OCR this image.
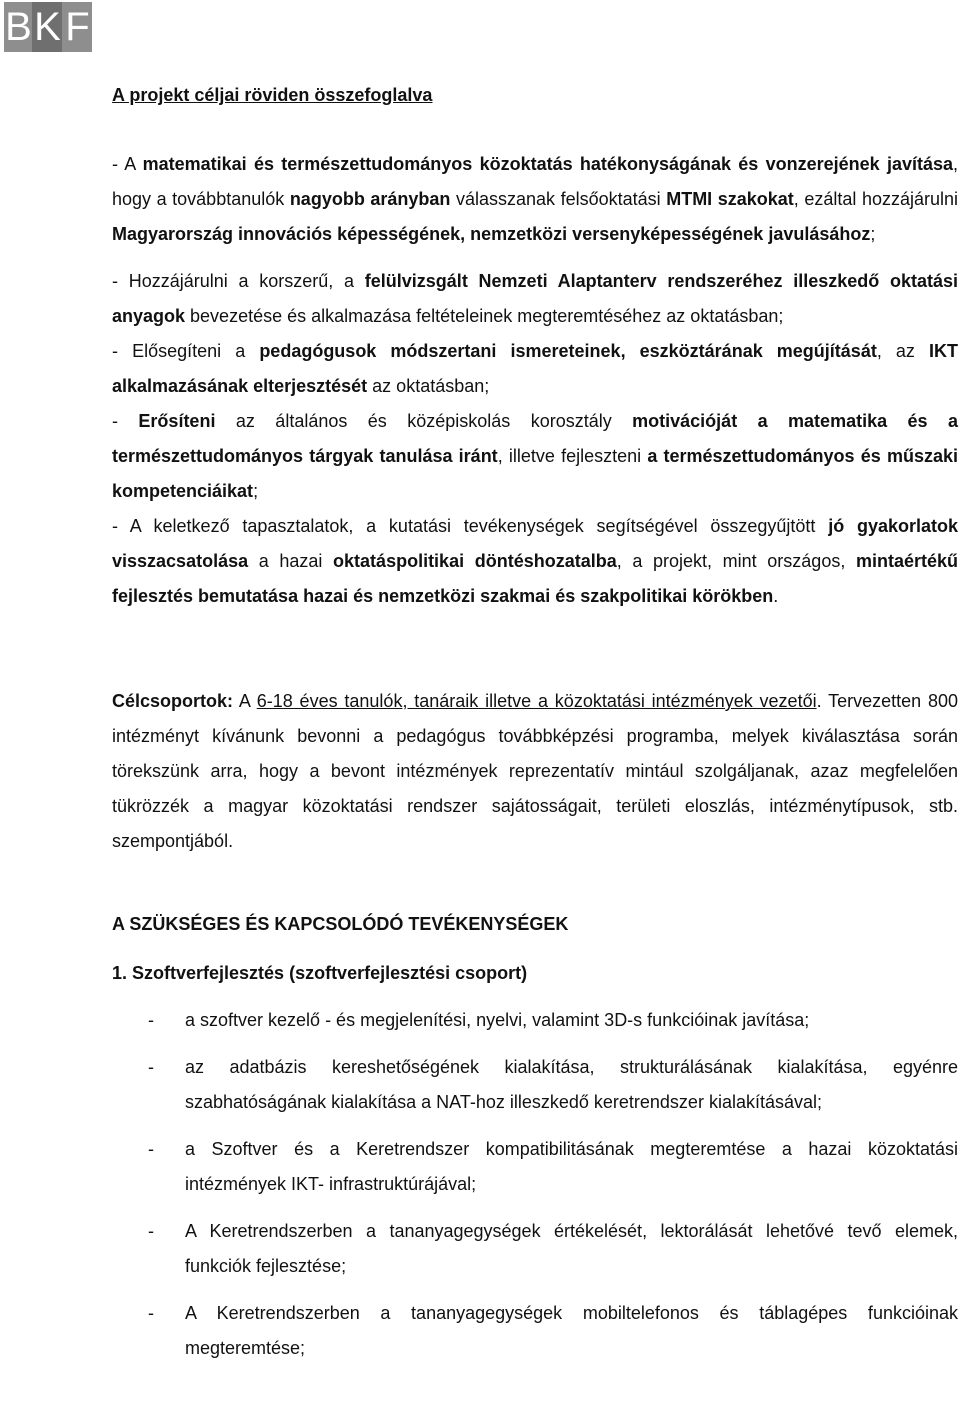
B K F

A projekt céljai röviden összefoglalva

- A matematikai és természettudományos közoktatás hatékonyságának és vonzerejének javítása, hogy a továbbtanulók nagyobb arányban válasszanak felsőoktatási MTMI szakokat, ezáltal hozzájárulni Magyarország innovációs képességének, nemzetközi versenyképességének javulásához;

- Hozzájárulni a korszerű, a felülvizsgált Nemzeti Alaptanterv rendszeréhez illeszkedő oktatási anyagok bevezetése és alkalmazása feltételeinek megteremtéséhez az oktatásban;

- Elősegíteni a pedagógusok módszertani ismereteinek, eszköztárának megújítását, az IKT alkalmazásának elterjesztését az oktatásban;

- Erősíteni az általános és középiskolás korosztály motivációját a matematika és a természettudományos tárgyak tanulása iránt, illetve fejleszteni a természettudományos és műszaki kompetenciáikat;

- A keletkező tapasztalatok, a kutatási tevékenységek segítségével összegyűjtött jó gyakorlatok visszacsatolása a hazai oktatáspolitikai döntéshozatalba, a projekt, mint országos, mintaértékű fejlesztés bemutatása hazai és nemzetközi szakmai és szakpolitikai körökben.

Célcsoportok: A 6-18 éves tanulók, tanáraik illetve a közoktatási intézmények vezetői. Tervezetten 800 intézményt kívánunk bevonni a pedagógus továbbképzési programba, melyek kiválasztása során törekszünk arra, hogy a bevont intézmények reprezentatív mintául szolgáljanak, azaz megfelelően tükrözzék a magyar közoktatási rendszer sajátosságait, területi eloszlás, intézménytípusok, stb. szempontjából.

A SZÜKSÉGES ÉS KAPCSOLÓDÓ TEVÉKENYSÉGEK

1. Szoftverfejlesztés (szoftverfejlesztési csoport)

- a szoftver kezelő - és megjelenítési, nyelvi, valamint 3D-s funkcióinak javítása;
- az adatbázis kereshetőségének kialakítása, strukturálásának kialakítása, egyénre szabhatóságának kialakítása a NAT-hoz illeszkedő keretrendszer kialakításával;
- a Szoftver és a Keretrendszer kompatibilitásának megteremtése a hazai közoktatási intézmények IKT- infrastruktúrájával;
- A Keretrendszerben a tananyagegységek értékelését, lektorálását lehetővé tevő elemek, funkciók fejlesztése;
- A Keretrendszerben a tananyagegységek mobiltelefonos és táblagépes funkcióinak megteremtése;
